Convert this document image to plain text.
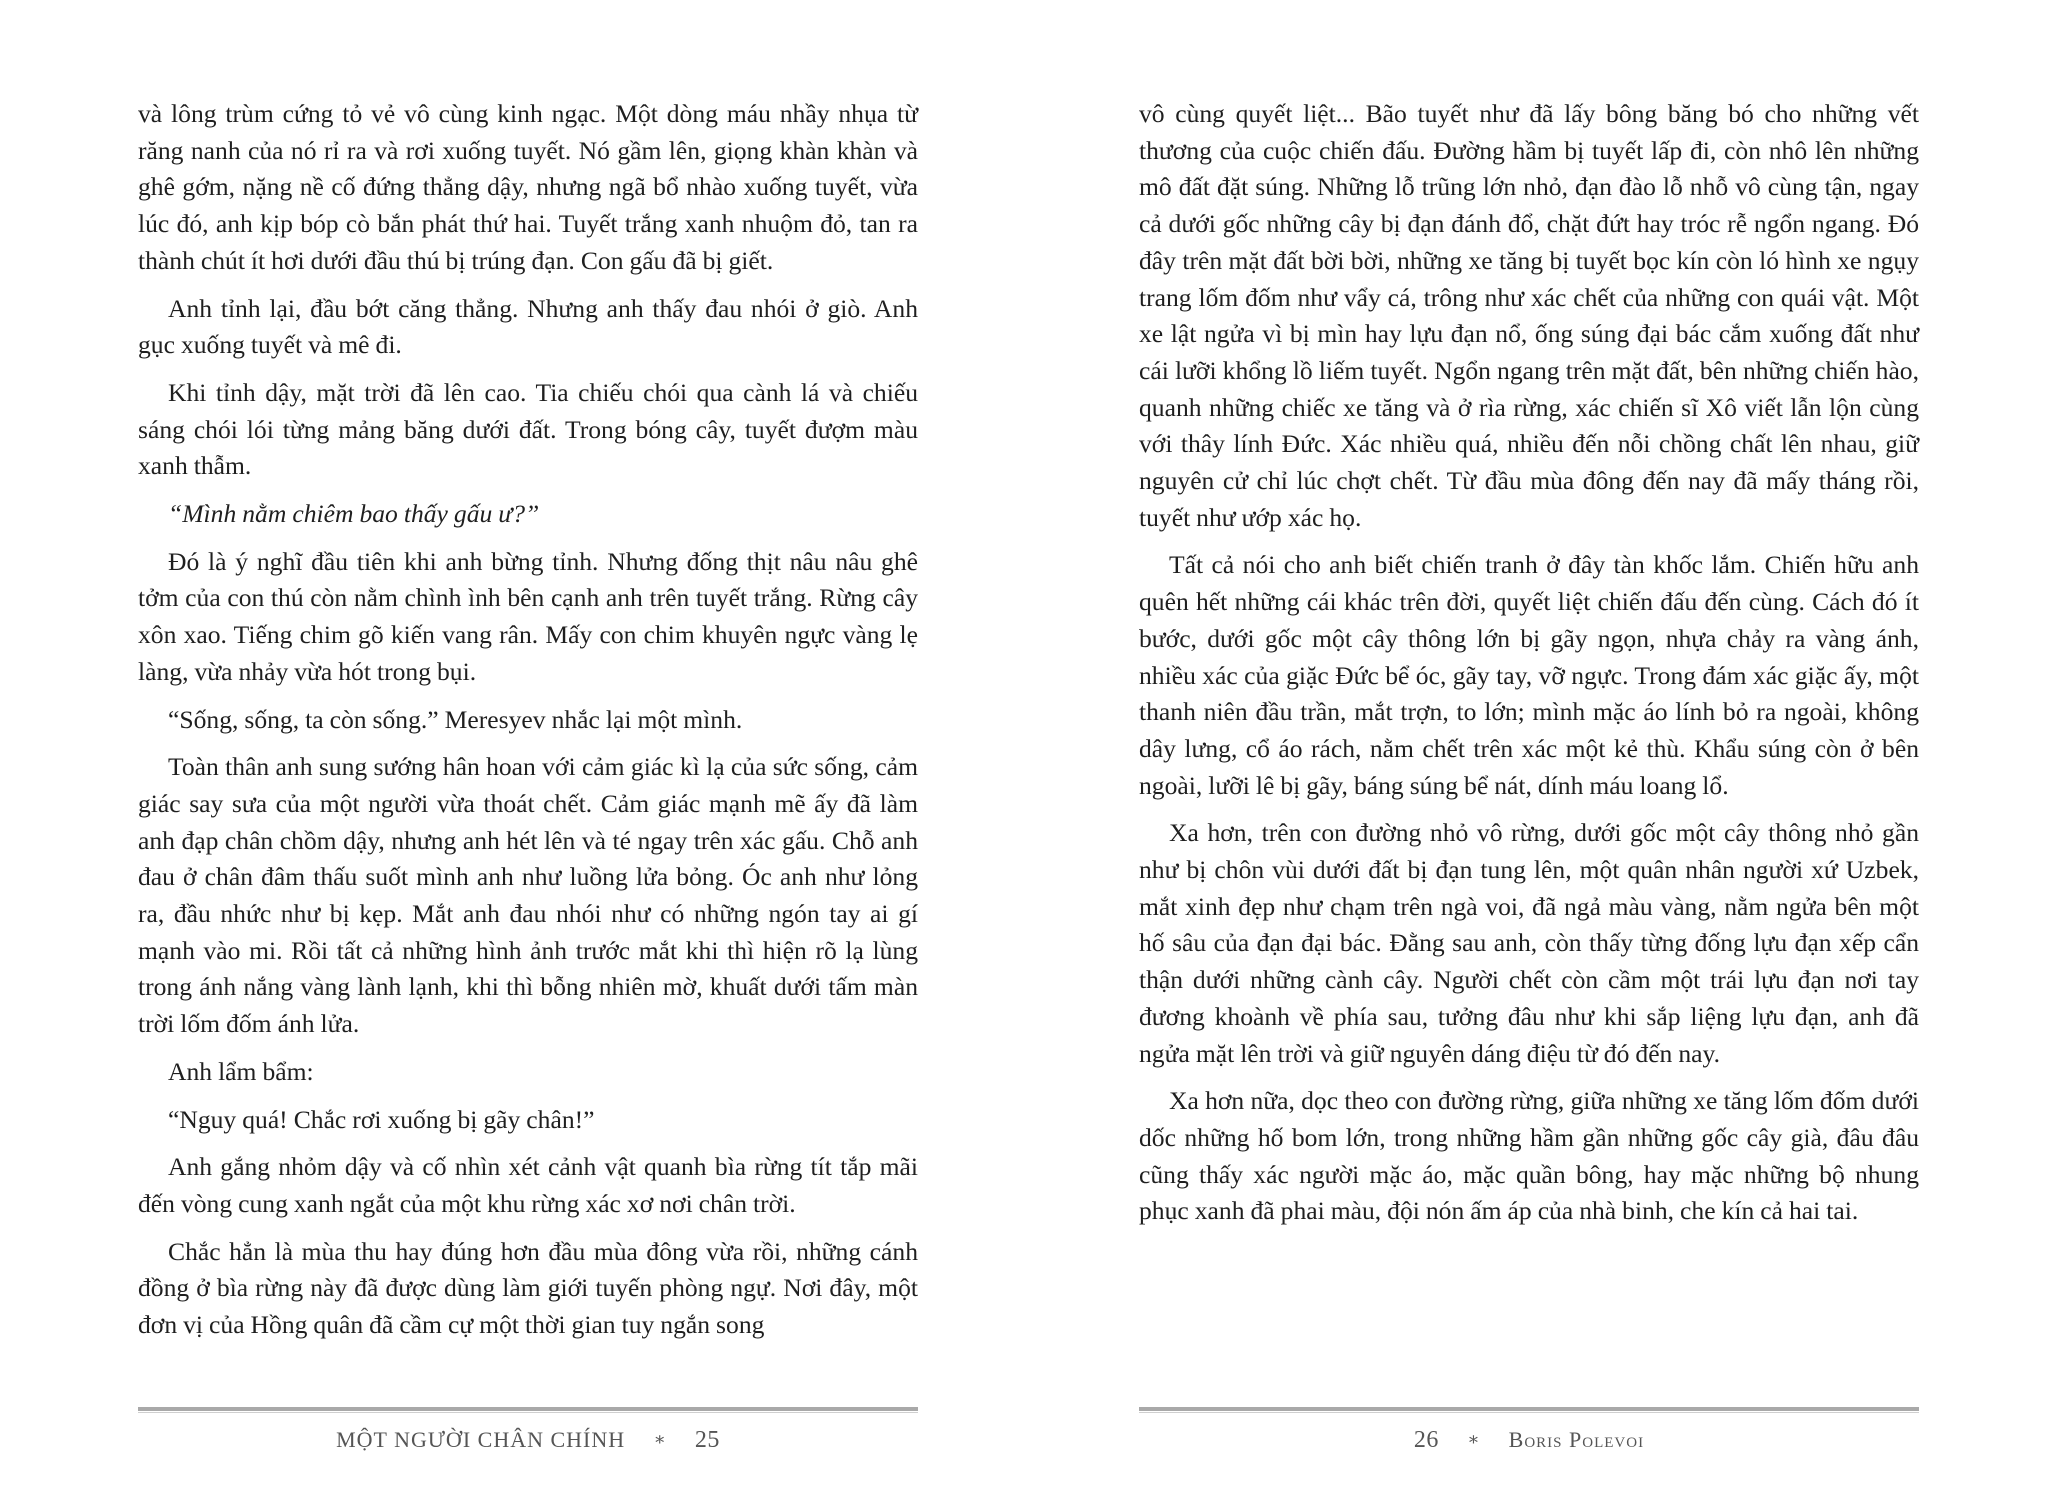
và lông trùm cứng tỏ vẻ vô cùng kinh ngạc. Một dòng máu nhầy nhụa từ răng nanh của nó rỉ ra và rơi xuống tuyết. Nó gầm lên, giọng khàn khàn và ghê gớm, nặng nề cố đứng thẳng dậy, nhưng ngã bổ nhào xuống tuyết, vừa lúc đó, anh kịp bóp cò bắn phát thứ hai. Tuyết trắng xanh nhuộm đỏ, tan ra thành chút ít hơi dưới đầu thú bị trúng đạn. Con gấu đã bị giết.

Anh tỉnh lại, đầu bớt căng thẳng. Nhưng anh thấy đau nhói ở giò. Anh gục xuống tuyết và mê đi.

Khi tỉnh dậy, mặt trời đã lên cao. Tia chiếu chói qua cành lá và chiếu sáng chói lói từng mảng băng dưới đất. Trong bóng cây, tuyết đượm màu xanh thẫm.

“Mình nằm chiêm bao thấy gấu ư?”

Đó là ý nghĩ đầu tiên khi anh bừng tỉnh. Nhưng đống thịt nâu nâu ghê tởm của con thú còn nằm chình ình bên cạnh anh trên tuyết trắng. Rừng cây xôn xao. Tiếng chim gõ kiến vang rân. Mấy con chim khuyên ngực vàng lẹ làng, vừa nhảy vừa hót trong bụi.

“Sống, sống, ta còn sống.” Meresyev nhắc lại một mình.

Toàn thân anh sung sướng hân hoan với cảm giác kì lạ của sức sống, cảm giác say sưa của một người vừa thoát chết. Cảm giác mạnh mẽ ấy đã làm anh đạp chân chồm dậy, nhưng anh hét lên và té ngay trên xác gấu. Chỗ anh đau ở chân đâm thấu suốt mình anh như luồng lửa bỏng. Óc anh như lỏng ra, đầu nhức như bị kẹp. Mắt anh đau nhói như có những ngón tay ai gí mạnh vào mi. Rồi tất cả những hình ảnh trước mắt khi thì hiện rõ lạ lùng trong ánh nắng vàng lành lạnh, khi thì bỗng nhiên mờ, khuất dưới tấm màn trời lốm đốm ánh lửa.

Anh lẩm bẩm:

“Nguy quá! Chắc rơi xuống bị gãy chân!”

Anh gắng nhỏm dậy và cố nhìn xét cảnh vật quanh bìa rừng tít tắp mãi đến vòng cung xanh ngắt của một khu rừng xác xơ nơi chân trời.

Chắc hẳn là mùa thu hay đúng hơn đầu mùa đông vừa rồi, những cánh đồng ở bìa rừng này đã được dùng làm giới tuyến phòng ngự. Nơi đây, một đơn vị của Hồng quân đã cầm cự một thời gian tuy ngắn song

MỘT NGƯỜI CHÂN CHÍNH ∗ 25

vô cùng quyết liệt... Bão tuyết như đã lấy bông băng bó cho những vết thương của cuộc chiến đấu. Đường hầm bị tuyết lấp đi, còn nhô lên những mô đất đặt súng. Những lỗ trũng lớn nhỏ, đạn đào lỗ nhỗ vô cùng tận, ngay cả dưới gốc những cây bị đạn đánh đổ, chặt đứt hay tróc rễ ngổn ngang. Đó đây trên mặt đất bời bời, những xe tăng bị tuyết bọc kín còn ló hình xe ngụy trang lốm đốm như vẩy cá, trông như xác chết của những con quái vật. Một xe lật ngửa vì bị mìn hay lựu đạn nổ, ống súng đại bác cắm xuống đất như cái lưỡi khổng lồ liếm tuyết. Ngổn ngang trên mặt đất, bên những chiến hào, quanh những chiếc xe tăng và ở rìa rừng, xác chiến sĩ Xô viết lẫn lộn cùng với thây lính Đức. Xác nhiều quá, nhiều đến nỗi chồng chất lên nhau, giữ nguyên cử chỉ lúc chợt chết. Từ đầu mùa đông đến nay đã mấy tháng rồi, tuyết như ướp xác họ.

Tất cả nói cho anh biết chiến tranh ở đây tàn khốc lắm. Chiến hữu anh quên hết những cái khác trên đời, quyết liệt chiến đấu đến cùng. Cách đó ít bước, dưới gốc một cây thông lớn bị gãy ngọn, nhựa chảy ra vàng ánh, nhiều xác của giặc Đức bể óc, gãy tay, vỡ ngực. Trong đám xác giặc ấy, một thanh niên đầu trần, mắt trợn, to lớn; mình mặc áo lính bỏ ra ngoài, không dây lưng, cổ áo rách, nằm chết trên xác một kẻ thù. Khẩu súng còn ở bên ngoài, lưỡi lê bị gãy, báng súng bể nát, dính máu loang lổ.

Xa hơn, trên con đường nhỏ vô rừng, dưới gốc một cây thông nhỏ gần như bị chôn vùi dưới đất bị đạn tung lên, một quân nhân người xứ Uzbek, mắt xinh đẹp như chạm trên ngà voi, đã ngả màu vàng, nằm ngửa bên một hố sâu của đạn đại bác. Đằng sau anh, còn thấy từng đống lựu đạn xếp cẩn thận dưới những cành cây. Người chết còn cầm một trái lựu đạn nơi tay đương khoành về phía sau, tưởng đâu như khi sắp liệng lựu đạn, anh đã ngửa mặt lên trời và giữ nguyên dáng điệu từ đó đến nay.

Xa hơn nữa, dọc theo con đường rừng, giữa những xe tăng lốm đốm dưới dốc những hố bom lớn, trong những hầm gần những gốc cây già, đâu đâu cũng thấy xác người mặc áo, mặc quần bông, hay mặc những bộ nhung phục xanh đã phai màu, đội nón ấm áp của nhà binh, che kín cả hai tai.

26 ∗ Boris Polevoi
